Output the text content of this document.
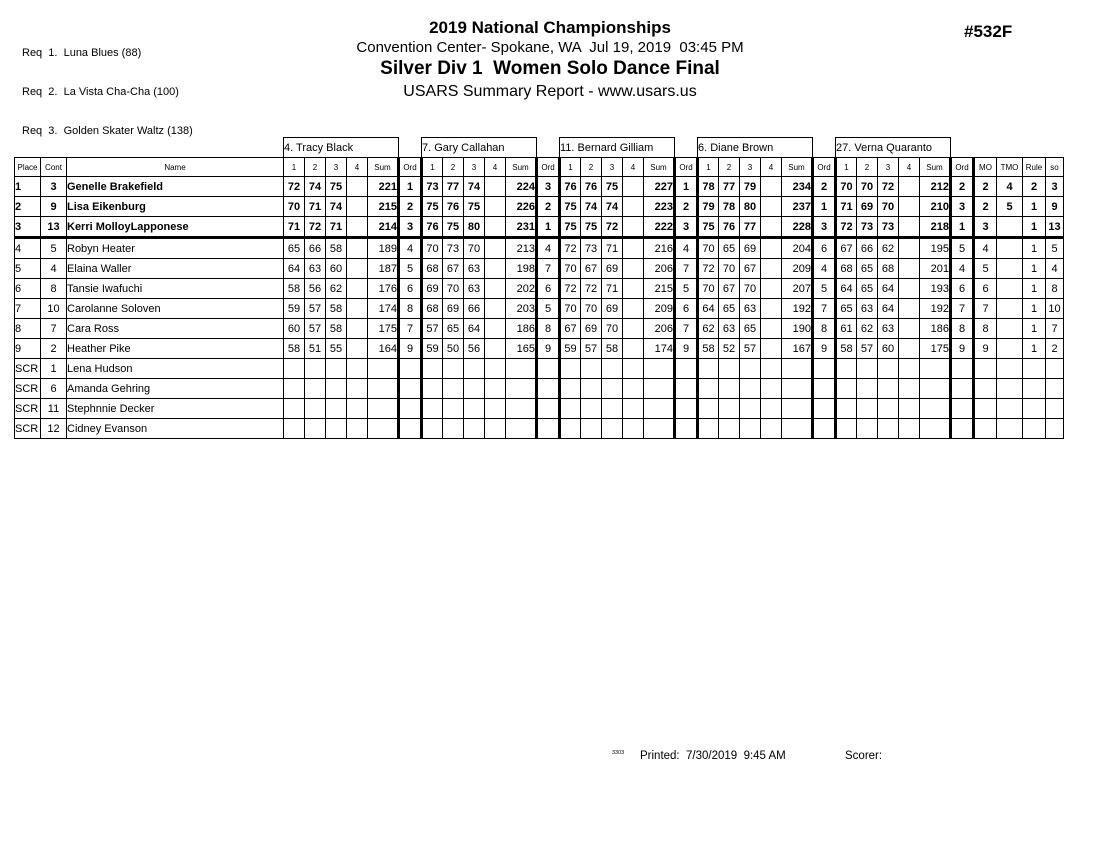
Req  1.  Luna Blues (88)

Req  2.  La Vista Cha-Cha (100)

Req  3.  Golden Skater Waltz (138)

2019 National Championships
Convention Center- Spokane, WA  Jul 19, 2019  03:45 PM
Silver Div 1  Women Solo Dance Final
USARS Summary Report - www.usars.us
#532F
			4. Tracy Black						7. Gary Callahan						11. Bernard Gilliam						6. Diane Brown						27. Verna Quaranto									
Place	Cont	Name	1	2	3	4	Sum	Ord	1	2	3	4	Sum	Ord	1	2	3	4	Sum	Ord	1	2	3	4	Sum	Ord	1	2	3	4	Sum	Ord	MO	TMO	Rule	so
1	3	Genelle Brakefield	72	74	75		221	1	73	77	74		224	3	76	76	75		227	1	78	77	79		234	2	70	70	72		212	2	2	4	2	3
2	9	Lisa Eikenburg	70	71	74		215	2	75	76	75		226	2	75	74	74		223	2	79	78	80		237	1	71	69	70		210	3	2	5	1	9
3	13	Kerri MolloyLapponese	71	72	71		214	3	76	75	80		231	1	75	75	72		222	3	75	76	77		228	3	72	73	73		218	1	3		1	13
4	5	Robyn Heater	65	66	58		189	4	70	73	70		213	4	72	73	71		216	4	70	65	69		204	6	67	66	62		195	5	4		1	5
5	4	Elaina Waller	64	63	60		187	5	68	67	63		198	7	70	67	69		206	7	72	70	67		209	4	68	65	68		201	4	5		1	4
6	8	Tansie Iwafuchi	58	56	62		176	6	69	70	63		202	6	72	72	71		215	5	70	67	70		207	5	64	65	64		193	6	6		1	8
7	10	Carolanne Soloven	59	57	58		174	8	68	69	66		203	5	70	70	69		209	6	64	65	63		192	7	65	63	64		192	7	7		1	10
8	7	Cara Ross	60	57	58		175	7	57	65	64		186	8	67	69	70		206	7	62	63	65		190	8	61	62	63		186	8	8		1	7
9	2	Heather Pike	58	51	55		164	9	59	50	56		165	9	59	57	58		174	9	58	52	57		167	9	58	57	60		175	9	9		1	2
SCR	1	Lena Hudson																																		
SCR	6	Amanda Gehring																																		
SCR	11	Stephnnie Decker																																		
SCR	12	Cidney Evanson																																		
3303 Printed:  7/30/2019  9:45 AM	Scorer:
